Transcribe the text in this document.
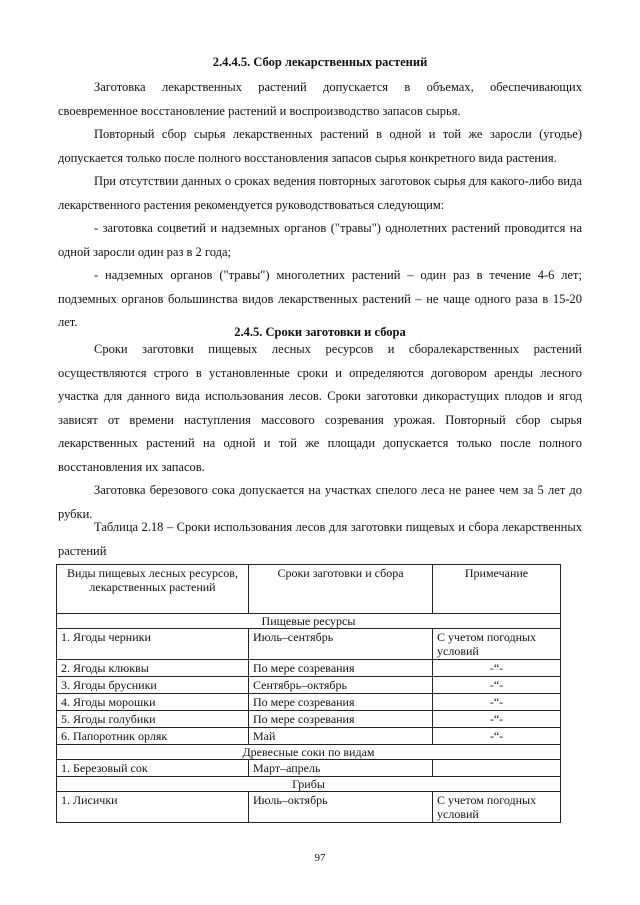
2.4.4.5. Сбор лекарственных растений

Заготовка лекарственных растений допускается в объемах, обеспечивающих своевременное восстановление растений и воспроизводство запасов сырья.

Повторный сбор сырья лекарственных растений в одной и той же заросли (угодье) допускается только после полного восстановления запасов сырья конкретного вида растения.

При отсутствии данных о сроках ведения повторных заготовок сырья для какого-либо вида лекарственного растения рекомендуется руководствоваться следующим:

- заготовка соцветий и надземных органов ("травы") однолетних растений проводится на одной заросли один раз в 2 года;

- надземных органов ("травы") многолетних растений – один раз в течение 4-6 лет; подземных органов большинства видов лекарственных растений – не чаще одного раза в 15-20 лет.

2.4.5. Сроки заготовки и сбора

Сроки заготовки пищевых лесных ресурсов и сборалекарственных растений осуществляются строго в установленные сроки и определяются договором аренды лесного участка для данного вида использования лесов. Сроки заготовки дикорастущих плодов и ягод зависят от времени наступления массового созревания урожая. Повторный сбор сырья лекарственных растений на одной и той же площади допускается только после полного восстановления их запасов.

Заготовка березового сока допускается на участках спелого леса не ранее чем за 5 лет до рубки.

Таблица 2.18 – Сроки использования лесов для заготовки пищевых и сбора лекарственных растений
Виды пищевых лесных ресурсов, лекарственных растений	Сроки заготовки и сбора	Примечание
Пищевые ресурсы		
1. Ягоды черники	Июль–сентябрь	С учетом погодных условий
2. Ягоды клюквы	По мере созревания	-“-
3. Ягоды брусники	Сентябрь–октябрь	-“-
4. Ягоды морошки	По мере созревания	-“-
5. Ягоды голубики	По мере созревания	-“-
6. Папоротник орляк	Май	-“-
Древесные соки по видам		
1. Березовый сок	Март–апрель	
Грибы		
1. Лисички	Июль–октябрь	С учетом погодных условий
97
